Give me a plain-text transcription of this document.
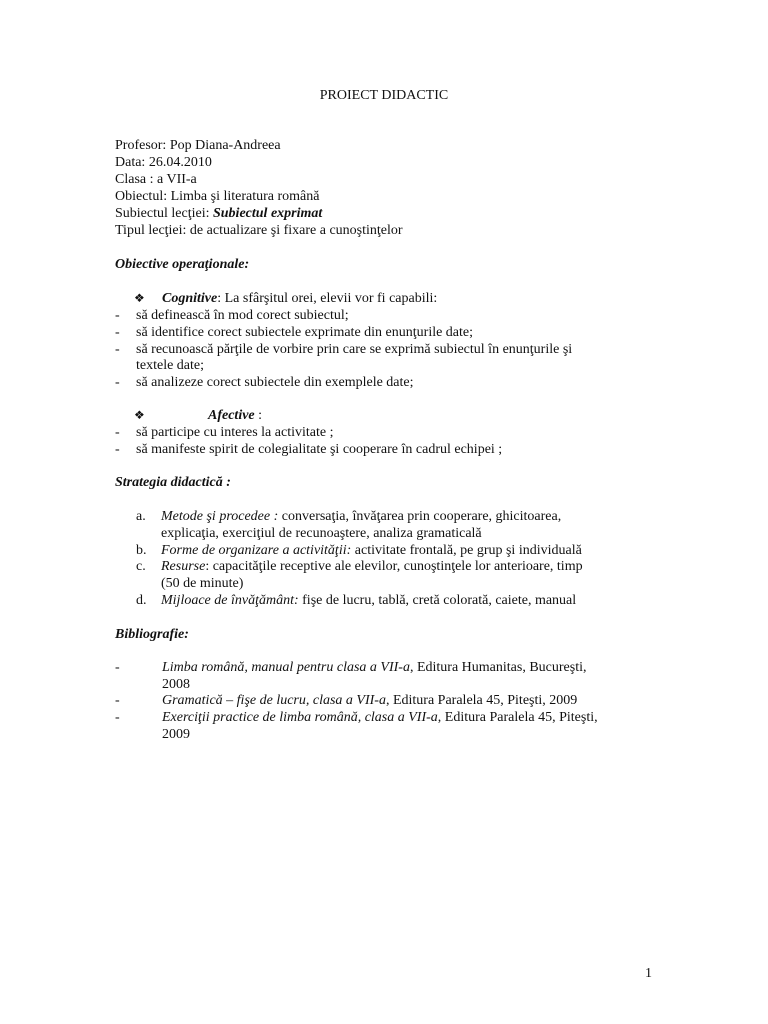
PROIECT DIDACTIC
Profesor: Pop Diana-Andreea
Data: 26.04.2010
Clasa : a VII-a
Obiectul: Limba şi literatura română
Subiectul lecţiei: Subiectul exprimat
Tipul lecţiei: de actualizare şi fixare a cunoştinţelor
Obiective operaţionale:
❖ Cognitive: La sfârşitul orei, elevii vor fi capabili:
- să definească în mod corect subiectul;
- să identifice corect subiectele exprimate din enunţurile date;
- să recunoască părţile de vorbire prin care se exprimă subiectul în enunţurile şi
textele date;
- să analizeze corect subiectele din exemplele date;
❖	Afective :
- să participe cu interes la activitate ;
- să manifeste spirit de colegialitate şi cooperare în cadrul echipei ;
Strategia didactică :
a. Metode şi procedee : conversaţia, învăţarea prin cooperare, ghicitoarea,
explicaţia, exerciţiul de recunoaştere, analiza gramaticală
b. Forme de organizare a activităţii: activitate frontală, pe grup şi individuală
c. Resurse: capacităţile receptive ale elevilor, cunoştinţele lor anterioare, timp
(50 de minute)
d. Mijloace de învăţământ: fişe de lucru, tablă, cretă colorată, caiete, manual
Bibliografie:
-	Limba română, manual pentru clasa a VII-a, Editura Humanitas, Bucureşti,
2008
-	Gramatică – fişe de lucru, clasa a VII-a, Editura Paralela 45, Piteşti, 2009
-	Exerciţii practice de limba română, clasa a VII-a, Editura Paralela 45, Piteşti,
2009
1
